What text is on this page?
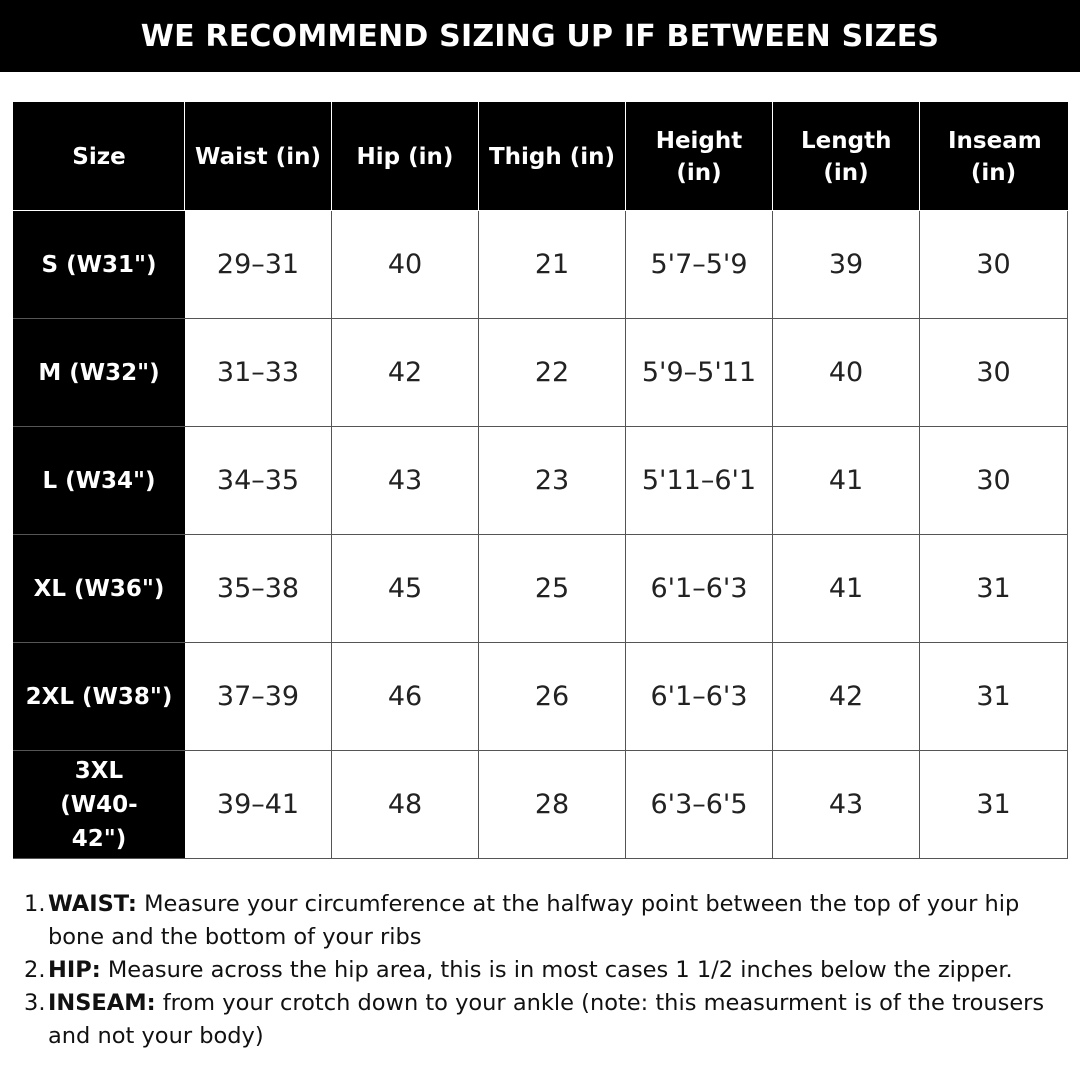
WE RECOMMEND SIZING UP IF BETWEEN SIZES
Size	Waist (in)	Hip (in)	Thigh (in)	Height (in)	Length (in)	Inseam (in)
S (W31")	29–31	40	21	5'7–5'9	39	30
M (W32")	31–33	42	22	5'9–5'11	40	30
L (W34")	34–35	43	23	5'11–6'1	41	30
XL (W36")	35–38	45	25	6'1–6'3	41	31
2XL (W38")	37–39	46	26	6'1–6'3	42	31
3XL (W40-42")	39–41	48	28	6'3–6'5	43	31
1. WAIST: Measure your circumference at the halfway point between the top of your hip bone and the bottom of your ribs
2. HIP: Measure across the hip area, this is in most cases 1 1/2 inches below the zipper.
3. INSEAM: from your crotch down to your ankle (note: this measurment is of the trousers and not your body)
